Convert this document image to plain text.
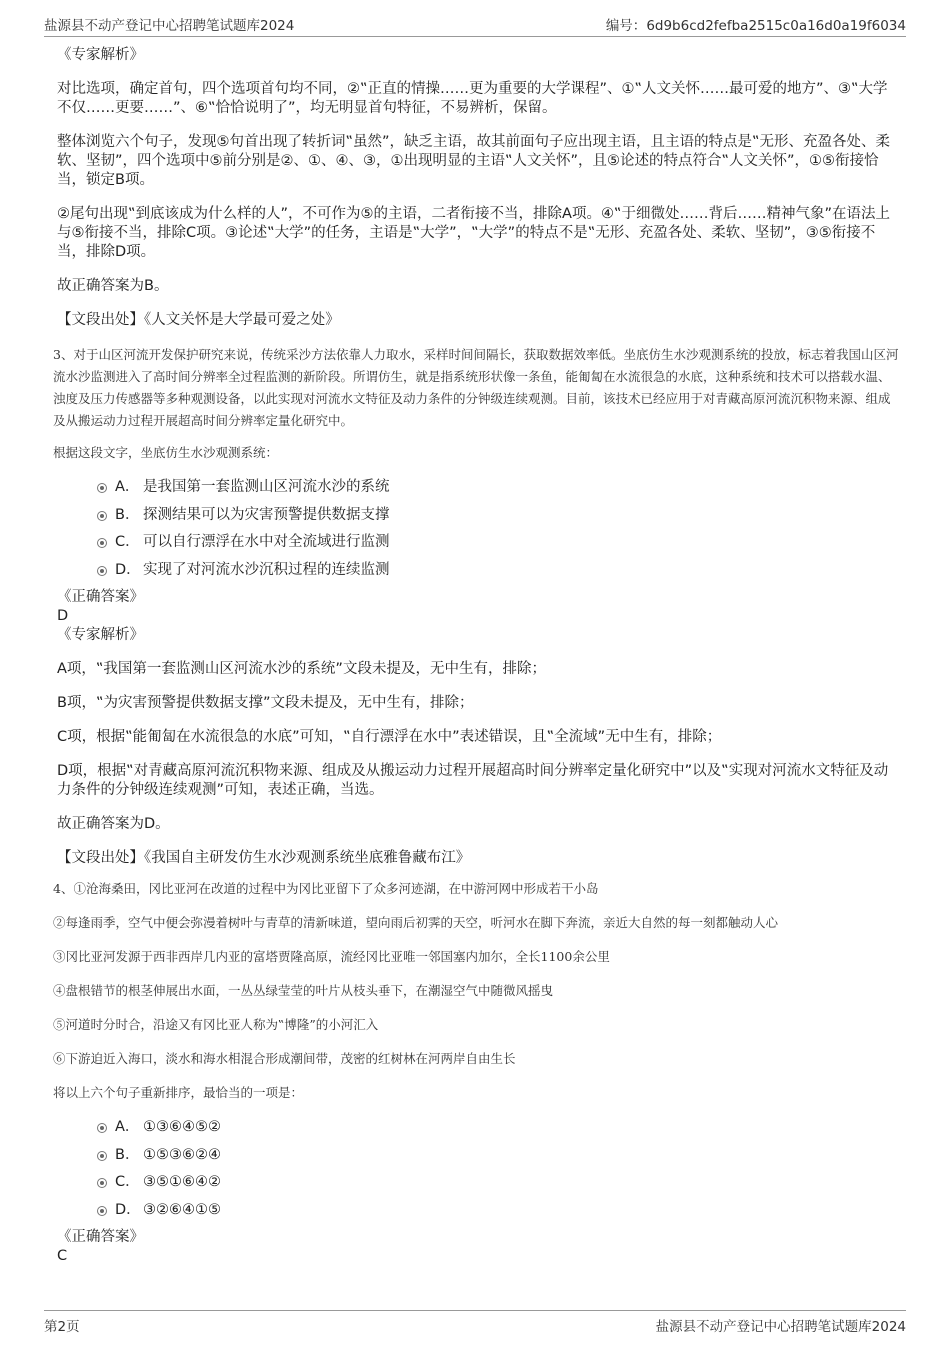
盐源县不动产登记中心招聘笔试题库2024	编号：6d9b6cd2fefba2515c0a16d0a19f6034

《专家解析》

对比选项，确定首句，四个选项首句均不同，②‟正直的情操……更为重要的大学课程”、①‟人文关怀……最可爱的地方”、③‟大学不仅……更要……”、⑥‟恰恰说明了”，均无明显首句特征，不易辨析，保留。

整体浏览六个句子，发现⑤句首出现了转折词‟虽然”，缺乏主语，故其前面句子应出现主语，且主语的特点是‟无形、充盈各处、柔软、坚韧”，四个选项中⑤前分别是②、①、④、③，①出现明显的主语‟人文关怀”，且⑤论述的特点符合‟人文关怀”，①⑤衔接恰当，锁定B项。

②尾句出现‟到底该成为什么样的人”，不可作为⑤的主语，二者衔接不当，排除A项。④‟于细微处……背后……精神气象”在语法上与⑤衔接不当，排除C项。③论述‟大学”的任务，主语是‟大学”，‟大学”的特点不是‟无形、充盈各处、柔软、坚韧”，③⑤衔接不当，排除D项。

故正确答案为B。

【文段出处】《人文关怀是大学最可爱之处》

3、对于山区河流开发保护研究来说，传统采沙方法依靠人力取水，采样时间间隔长，获取数据效率低。坐底仿生水沙观测系统的投放，标志着我国山区河流水沙监测进入了高时间分辨率全过程监测的新阶段。所谓仿生，就是指系统形状像一条鱼，能匍匐在水流很急的水底，这种系统和技术可以搭载水温、浊度及压力传感器等多种观测设备，以此实现对河流水文特征及动力条件的分钟级连续观测。目前，该技术已经应用于对青藏高原河流沉积物来源、组成及从搬运动力过程开展超高时间分辨率定量化研究中。

根据这段文字，坐底仿生水沙观测系统：

A． 是我国第一套监测山区河流水沙的系统
B． 探测结果可以为灾害预警提供数据支撑
C． 可以自行漂浮在水中对全流域进行监测
D． 实现了对河流水沙沉积过程的连续监测

《正确答案》

D

《专家解析》

A项，‟我国第一套监测山区河流水沙的系统”文段未提及，无中生有，排除；

B项，‟为灾害预警提供数据支撑”文段未提及，无中生有，排除；

C项，根据‟能匍匐在水流很急的水底”可知，‟自行漂浮在水中”表述错误，且‟全流域”无中生有，排除；

D项，根据‟对青藏高原河流沉积物来源、组成及从搬运动力过程开展超高时间分辨率定量化研究中”以及‟实现对河流水文特征及动力条件的分钟级连续观测”可知，表述正确，当选。

故正确答案为D。

【文段出处】《我国自主研发仿生水沙观测系统坐底雅鲁藏布江》

4、①沧海桑田，冈比亚河在改道的过程中为冈比亚留下了众多河迹湖，在中游河网中形成若干小岛

②每逢雨季，空气中便会弥漫着树叶与青草的清新味道，望向雨后初霁的天空，听河水在脚下奔流，亲近大自然的每一刻都触动人心

③冈比亚河发源于西非西岸几内亚的富塔贾隆高原，流经冈比亚唯一邻国塞内加尔，全长1100余公里

④盘根错节的根茎伸展出水面，一丛丛绿莹莹的叶片从枝头垂下，在潮湿空气中随微风摇曳

⑤河道时分时合，沿途又有冈比亚人称为‟博隆”的小河汇入

⑥下游迫近入海口，淡水和海水相混合形成潮间带，茂密的红树林在河两岸自由生长

将以上六个句子重新排序，最恰当的一项是：

A． ①③⑥④⑤②
B． ①⑤③⑥②④
C． ③⑤①⑥④②
D． ③②⑥④①⑤

《正确答案》

C

第2页	盐源县不动产登记中心招聘笔试题库2024
